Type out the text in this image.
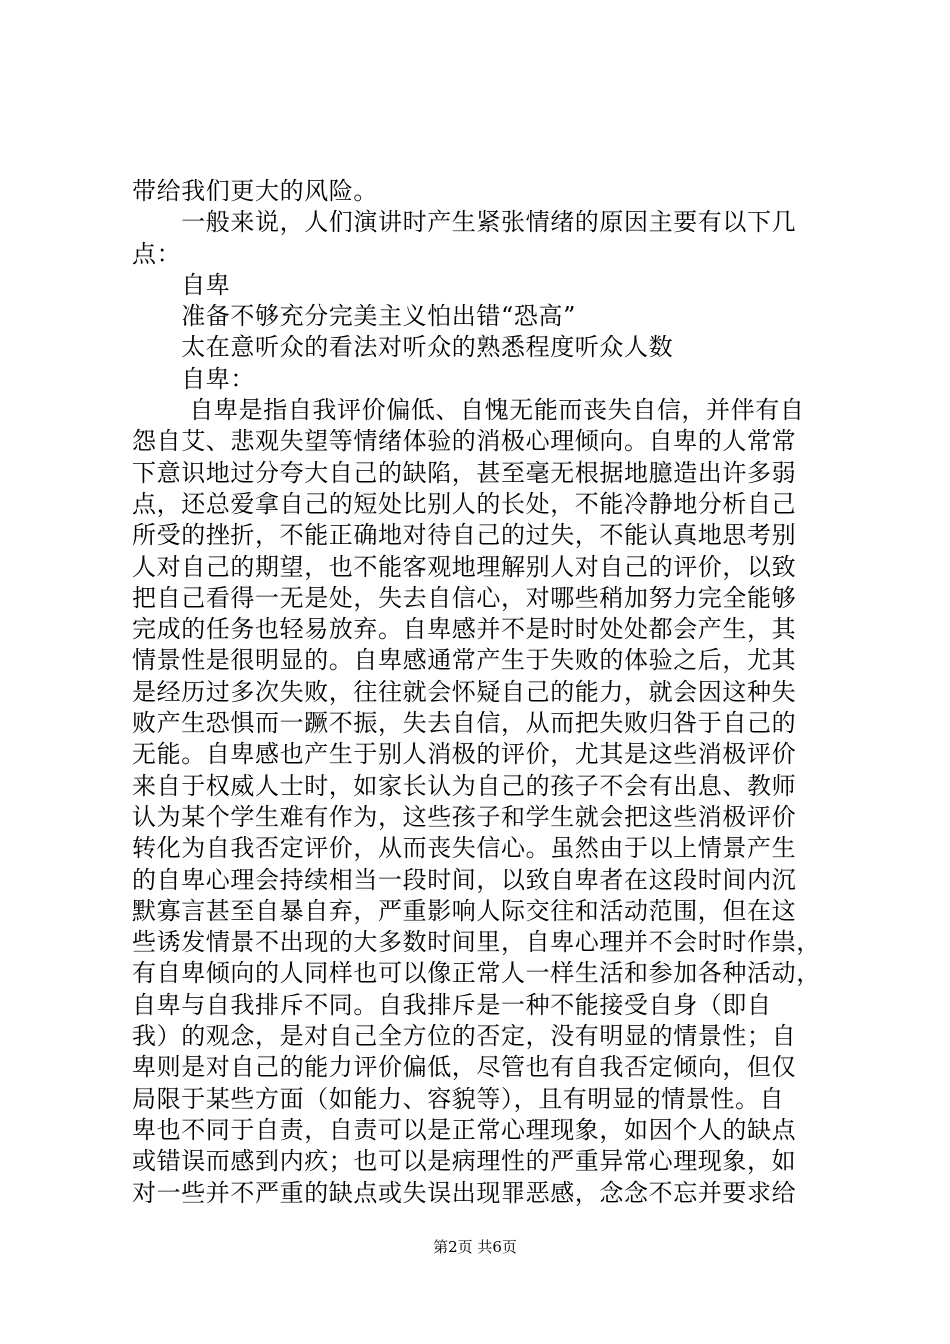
带给我们更大的风险。
　　一般来说，人们演讲时产生紧张情绪的原因主要有以下几
点：
　　自卑
　　准备不够充分完美主义怕出错“恐高”
　　太在意听众的看法对听众的熟悉程度听众人数
　　自卑：
　　 自卑是指自我评价偏低、自愧无能而丧失自信，并伴有自
怨自艾、悲观失望等情绪体验的消极心理倾向。自卑的人常常
下意识地过分夸大自己的缺陷，甚至毫无根据地臆造出许多弱
点，还总爱拿自己的短处比别人的长处，不能冷静地分析自己
所受的挫折，不能正确地对待自己的过失，不能认真地思考别
人对自己的期望，也不能客观地理解别人对自己的评价，以致
把自己看得一无是处，失去自信心，对哪些稍加努力完全能够
完成的任务也轻易放弃。自卑感并不是时时处处都会产生，其
情景性是很明显的。自卑感通常产生于失败的体验之后，尤其
是经历过多次失败，往往就会怀疑自己的能力，就会因这种失
败产生恐惧而一蹶不振，失去自信，从而把失败归咎于自己的
无能。自卑感也产生于别人消极的评价，尤其是这些消极评价
来自于权威人士时，如家长认为自己的孩子不会有出息、教师
认为某个学生难有作为，这些孩子和学生就会把这些消极评价
转化为自我否定评价，从而丧失信心。虽然由于以上情景产生
的自卑心理会持续相当一段时间，以致自卑者在这段时间内沉
默寡言甚至自暴自弃，严重影响人际交往和活动范围，但在这
些诱发情景不出现的大多数时间里，自卑心理并不会时时作祟，
有自卑倾向的人同样也可以像正常人一样生活和参加各种活动，
自卑与自我排斥不同。自我排斥是一种不能接受自身（即自
我）的观念，是对自己全方位的否定，没有明显的情景性；自
卑则是对自己的能力评价偏低，尽管也有自我否定倾向，但仅
局限于某些方面（如能力、容貌等），且有明显的情景性。自
卑也不同于自责，自责可以是正常心理现象，如因个人的缺点
或错误而感到内疚；也可以是病理性的严重异常心理现象，如
对一些并不严重的缺点或失误出现罪恶感，念念不忘并要求给
第2页 共6页
